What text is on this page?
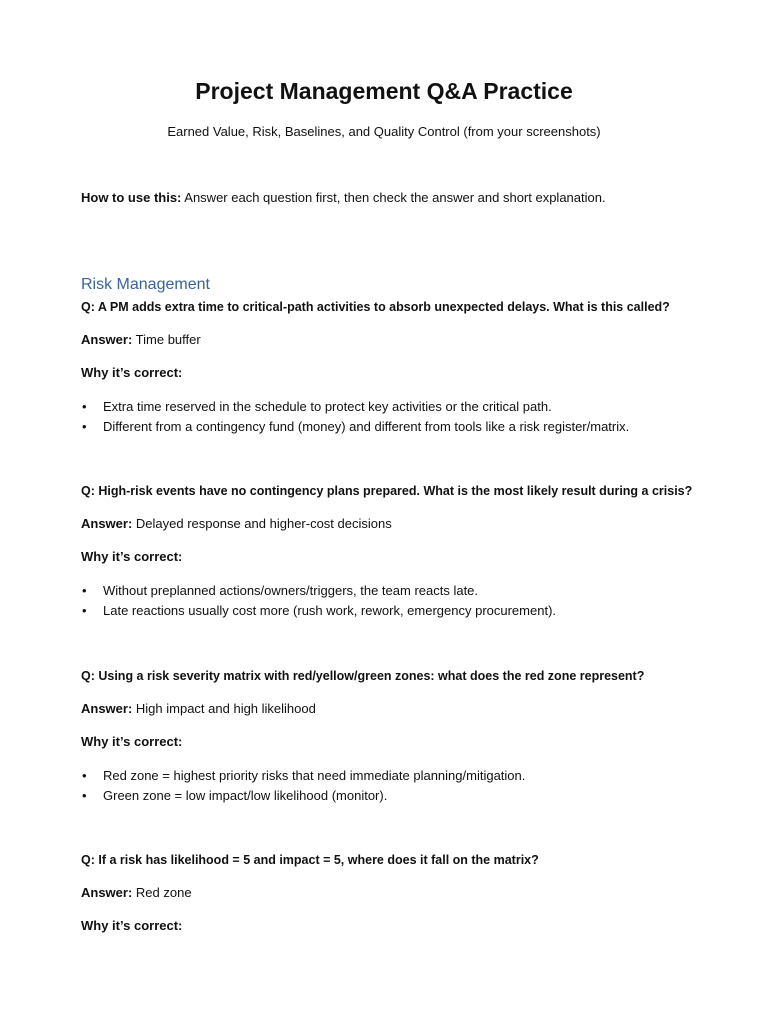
Project Management Q&A Practice

Earned Value, Risk, Baselines, and Quality Control (from your screenshots)

How to use this: Answer each question first, then check the answer and short explanation.

Risk Management

Q: A PM adds extra time to critical-path activities to absorb unexpected delays. What is this called?

Answer: Time buffer

Why it’s correct:

• Extra time reserved in the schedule to protect key activities or the critical path.
• Different from a contingency fund (money) and different from tools like a risk register/matrix.

Q: High-risk events have no contingency plans prepared. What is the most likely result during a crisis?

Answer: Delayed response and higher-cost decisions

Why it’s correct:

• Without preplanned actions/owners/triggers, the team reacts late.
• Late reactions usually cost more (rush work, rework, emergency procurement).

Q: Using a risk severity matrix with red/yellow/green zones: what does the red zone represent?

Answer: High impact and high likelihood

Why it’s correct:

• Red zone = highest priority risks that need immediate planning/mitigation.
• Green zone = low impact/low likelihood (monitor).

Q: If a risk has likelihood = 5 and impact = 5, where does it fall on the matrix?

Answer: Red zone

Why it’s correct:
